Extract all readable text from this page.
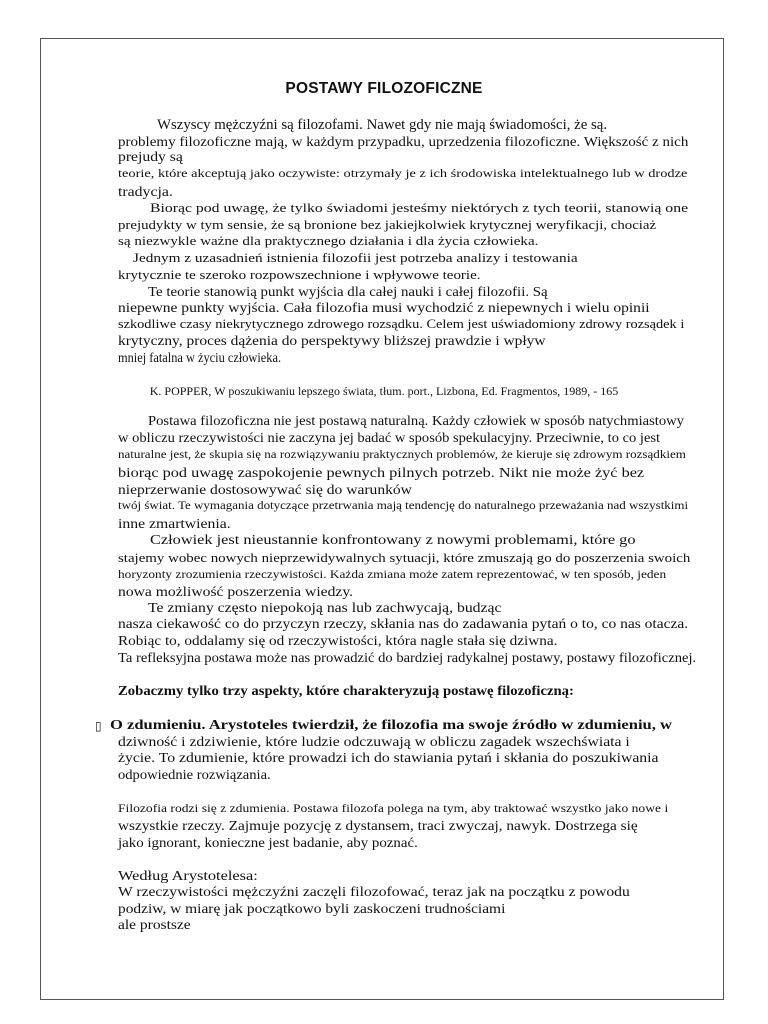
POSTAWY FILOZOFICZNE
Wszyscy mężczyźni są filozofami. Nawet gdy nie mają świadomości, że są.
problemy filozoficzne mają, w każdym przypadku, uprzedzenia filozoficzne. Większość z nich
prejudy są
teorie, które akceptują jako oczywiste: otrzymały je z ich środowiska intelektualnego lub w drodze
tradycja.
Biorąc pod uwagę, że tylko świadomi jesteśmy niektórych z tych teorii, stanowią one
prejudykty w tym sensie, że są bronione bez jakiejkolwiek krytycznej weryfikacji, chociaż
są niezwykle ważne dla praktycznego działania i dla życia człowieka.
Jednym z uzasadnień istnienia filozofii jest potrzeba analizy i testowania
krytycznie te szeroko rozpowszechnione i wpływowe teorie.
Te teorie stanowią punkt wyjścia dla całej nauki i całej filozofii. Są
niepewne punkty wyjścia. Cała filozofia musi wychodzić z niepewnych i wielu opinii
szkodliwe czasy niekrytycznego zdrowego rozsądku. Celem jest uświadomiony zdrowy rozsądek i
krytyczny, proces dążenia do perspektywy bliższej prawdzie i wpływ
mniej fatalna w życiu człowieka.
K. POPPER, W poszukiwaniu lepszego świata, tłum. port., Lizbona, Ed. Fragmentos, 1989, - 165
Postawa filozoficzna nie jest postawą naturalną. Każdy człowiek w sposób natychmiastowy
w obliczu rzeczywistości nie zaczyna jej badać w sposób spekulacyjny. Przeciwnie, to co jest
naturalne jest, że skupia się na rozwiązywaniu praktycznych problemów, że kieruje się zdrowym rozsądkiem
biorąc pod uwagę zaspokojenie pewnych pilnych potrzeb. Nikt nie może żyć bez
nieprzerwanie dostosowywać się do warunków
twój świat. Te wymagania dotyczące przetrwania mają tendencję do naturalnego przeważania nad wszystkimi
inne zmartwienia.
Człowiek jest nieustannie konfrontowany z nowymi problemami, które go
stajemy wobec nowych nieprzewidywalnych sytuacji, które zmuszają go do poszerzenia swoich
horyzonty zrozumienia rzeczywistości. Każda zmiana może zatem reprezentować, w ten sposób, jeden
nowa możliwość poszerzenia wiedzy.
Te zmiany często niepokoją nas lub zachwycają, budząc
nasza ciekawość co do przyczyn rzeczy, skłania nas do zadawania pytań o to, co nas otacza.
Robiąc to, oddalamy się od rzeczywistości, która nagle stała się dziwna.
Ta refleksyjna postawa może nas prowadzić do bardziej radykalnej postawy, postawy filozoficznej.
Zobaczmy tylko trzy aspekty, które charakteryzują postawę filozoficzną:
▯ O zdumieniu. Arystoteles twierdził, że filozofia ma swoje źródło w zdumieniu, w
dziwność i zdziwienie, które ludzie odczuwają w obliczu zagadek wszechświata i
życie. To zdumienie, które prowadzi ich do stawiania pytań i skłania do poszukiwania
odpowiednie rozwiązania.
Filozofia rodzi się z zdumienia. Postawa filozofa polega na tym, aby traktować wszystko jako nowe i
wszystkie rzeczy. Zajmuje pozycję z dystansem, traci zwyczaj, nawyk. Dostrzega się
jako ignorant, konieczne jest badanie, aby poznać.
Według Arystotelesa:
W rzeczywistości mężczyźni zaczęli filozofować, teraz jak na początku z powodu
podziw, w miarę jak początkowo byli zaskoczeni trudnościami
ale prostsze
